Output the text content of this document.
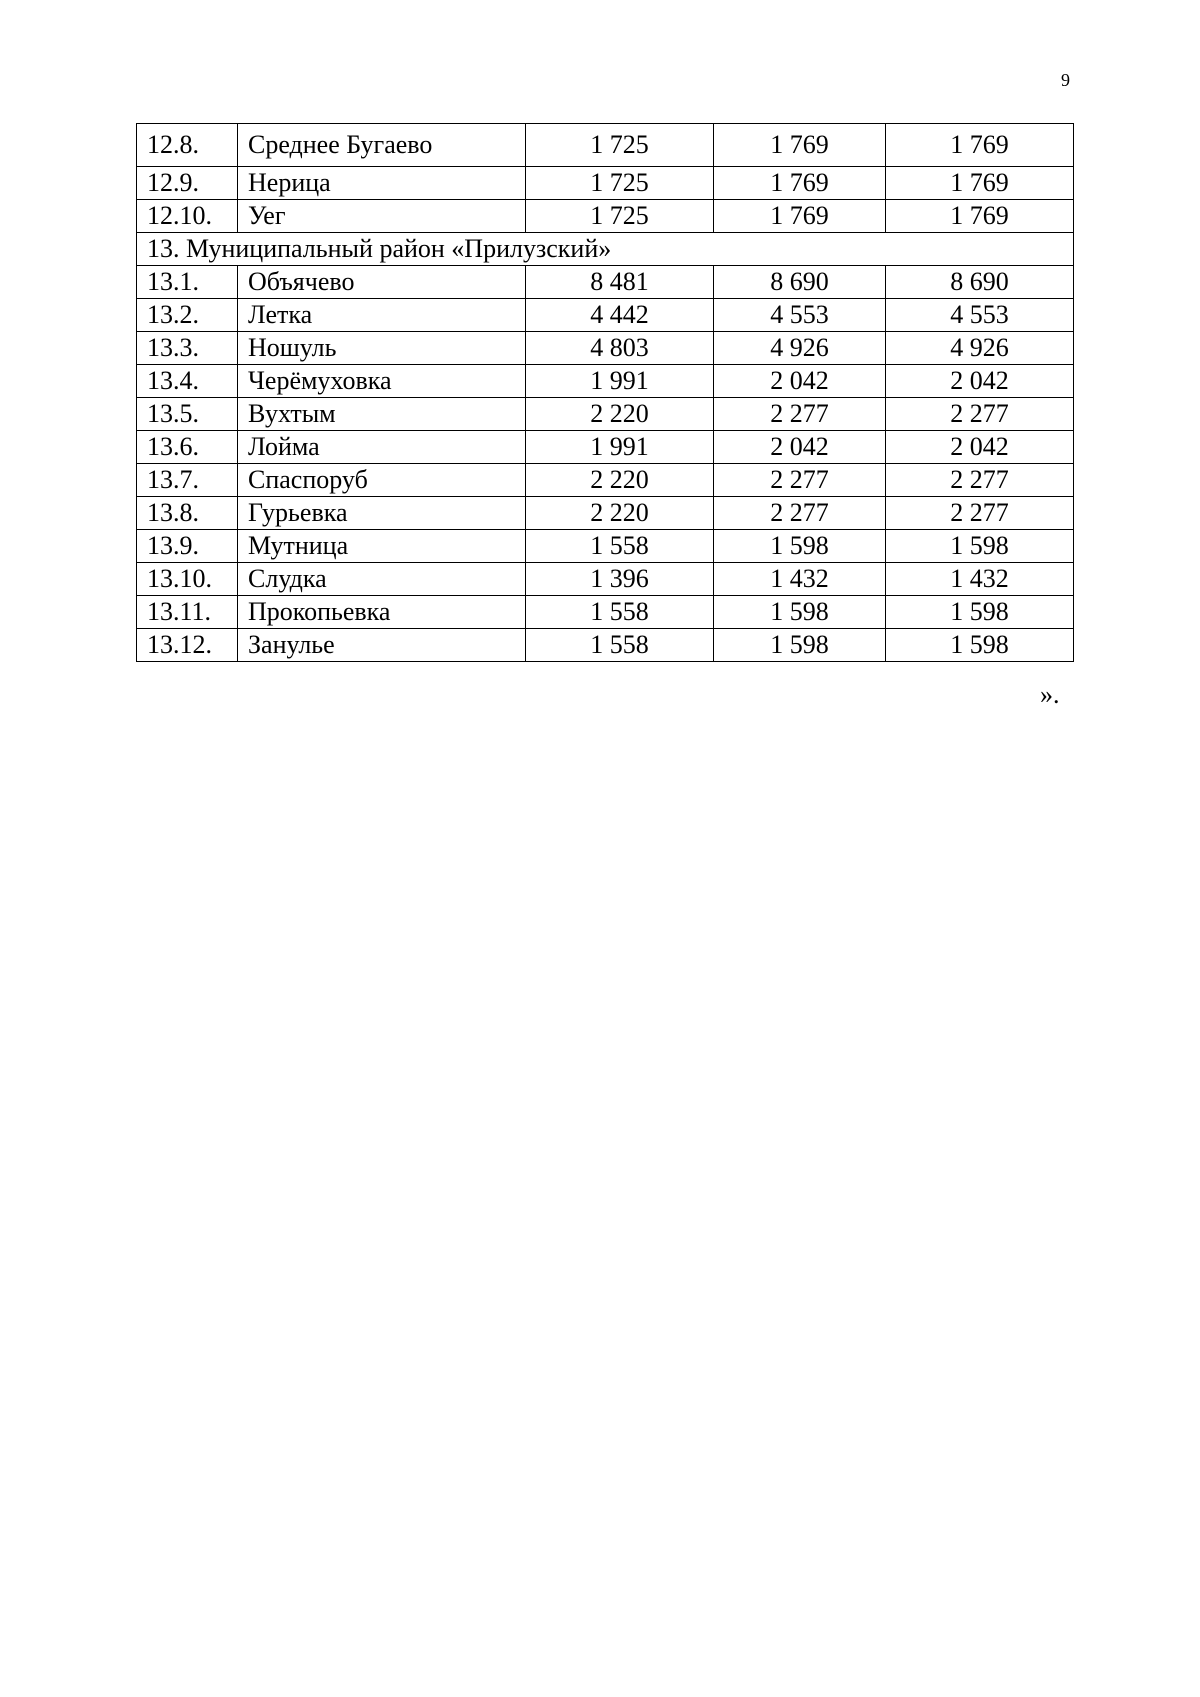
9
12.8.	Среднее Бугаево	1 725	1 769	1 769
12.9.	Нерица	1 725	1 769	1 769
12.10.	Уег	1 725	1 769	1 769
13. Муниципальный район «Прилузский»				
13.1.	Объячево	8 481	8 690	8 690
13.2.	Летка	4 442	4 553	4 553
13.3.	Ношуль	4 803	4 926	4 926
13.4.	Черёмуховка	1 991	2 042	2 042
13.5.	Вухтым	2 220	2 277	2 277
13.6.	Лойма	1 991	2 042	2 042
13.7.	Спаспоруб	2 220	2 277	2 277
13.8.	Гурьевка	2 220	2 277	2 277
13.9.	Мутница	1 558	1 598	1 598
13.10.	Слудка	1 396	1 432	1 432
13.11.	Прокопьевка	1 558	1 598	1 598
13.12.	Занулье	1 558	1 598	1 598
».
